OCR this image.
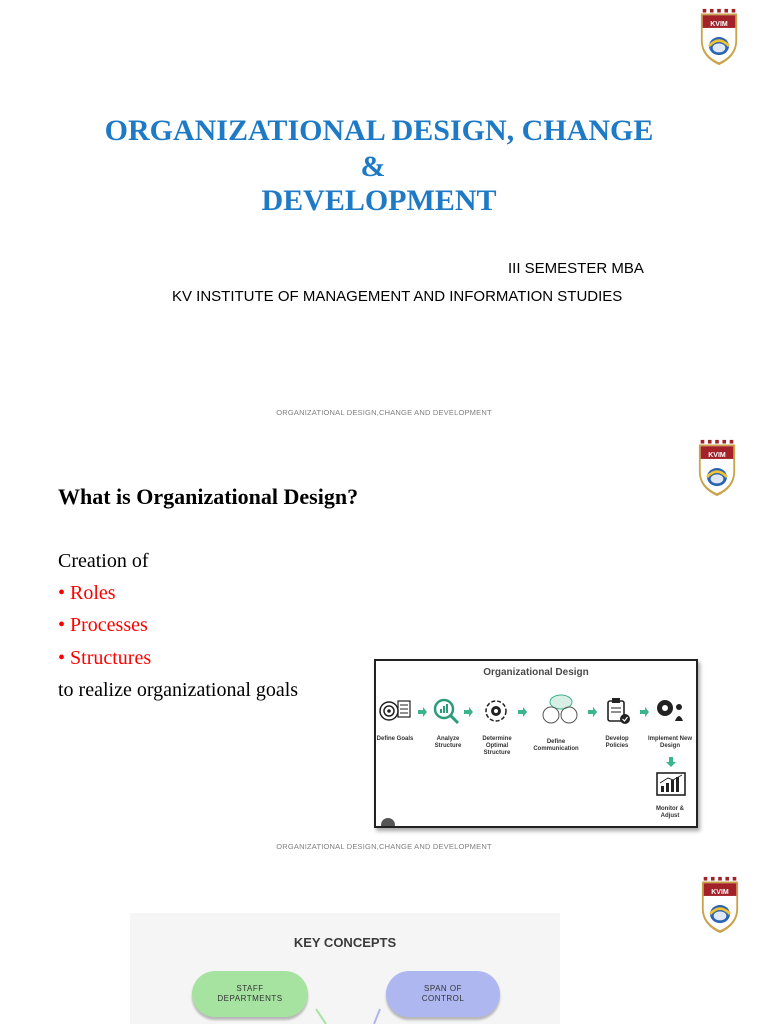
KVIM
ORGANIZATIONAL DESIGN, CHANGE
&
DEVELOPMENT
III SEMESTER MBA
KV INSTITUTE OF MANAGEMENT AND INFORMATION STUDIES
ORGANIZATIONAL DESIGN,CHANGE AND DEVELOPMENT
KVIM
What is Organizational Design?
Creation of
• Roles
• Processes
• Structures
to realize organizational goals
Organizational Design
Define Goals	Analyze Structure
Determine Optimal Structure
Define Communication
Develop Policies
Implement New Design
Monitor & Adjust
ORGANIZATIONAL DESIGN,CHANGE AND DEVELOPMENT
KVIM
KEY CONCEPTS
STAFF
DEPARTMENTS
SPAN OF
CONTROL
